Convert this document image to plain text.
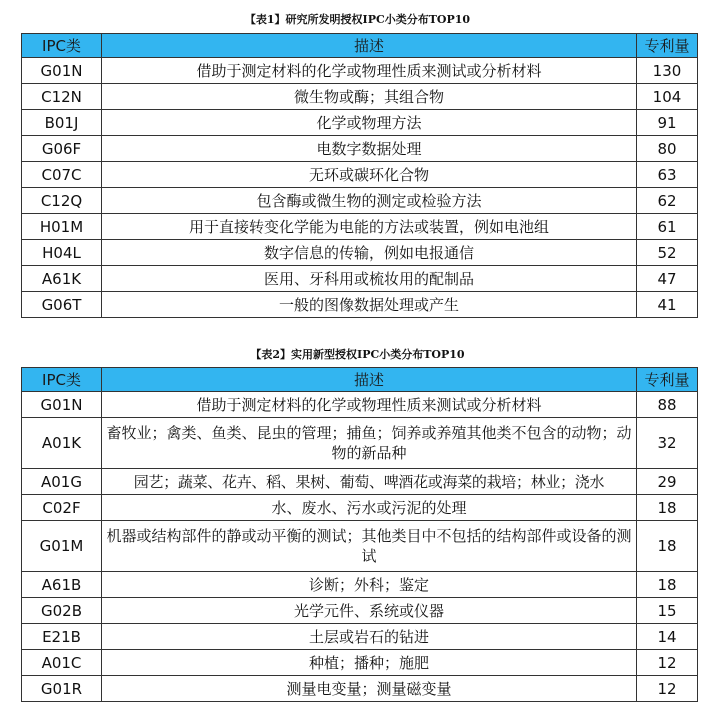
【表1】研究所发明授权IPC小类分布TOP10
IPC类	描述	专利量
G01N	借助于测定材料的化学或物理性质来测试或分析材料	130
C12N	微生物或酶；其组合物	104
B01J	化学或物理方法	91
G06F	电数字数据处理	80
C07C	无环或碳环化合物	63
C12Q	包含酶或微生物的测定或检验方法	62
H01M	用于直接转变化学能为电能的方法或装置，例如电池组	61
H04L	数字信息的传输，例如电报通信	52
A61K	医用、牙科用或梳妆用的配制品	47
G06T	一般的图像数据处理或产生	41
【表2】实用新型授权IPC小类分布TOP10
IPC类	描述	专利量
G01N	借助于测定材料的化学或物理性质来测试或分析材料	88
A01K	畜牧业；禽类、鱼类、昆虫的管理；捕鱼；饲养或养殖其他类不包含的动物；动物的新品种	32
A01G	园艺；蔬菜、花卉、稻、果树、葡萄、啤酒花或海菜的栽培；林业；浇水	29
C02F	水、废水、污水或污泥的处理	18
G01M	机器或结构部件的静或动平衡的测试；其他类目中不包括的结构部件或设备的测试	18
A61B	诊断；外科；鉴定	18
G02B	光学元件、系统或仪器	15
E21B	土层或岩石的钻进	14
A01C	种植；播种；施肥	12
G01R	测量电变量；测量磁变量	12
